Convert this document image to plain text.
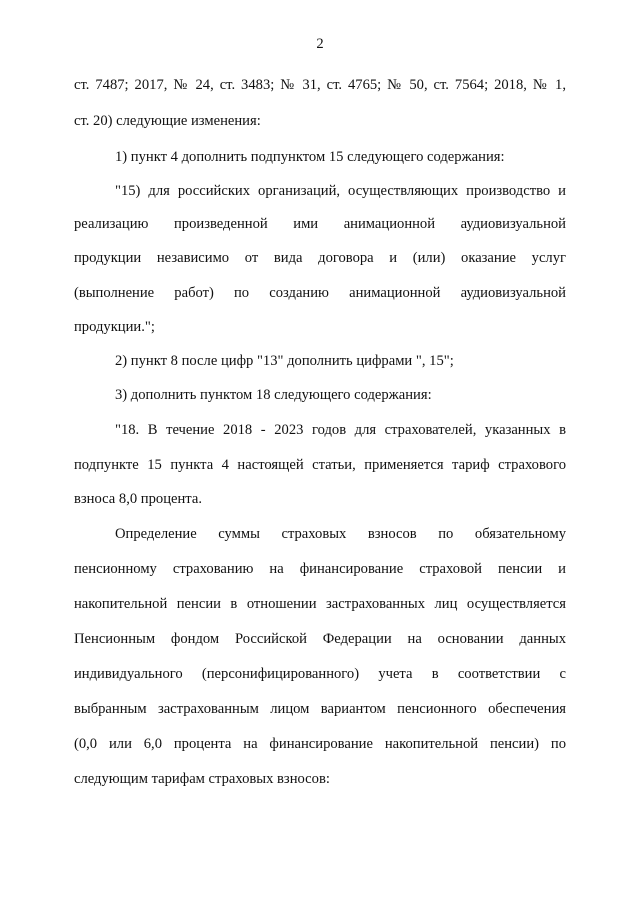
2
ст. 7487; 2017, № 24, ст. 3483; № 31, ст. 4765; № 50, ст. 7564; 2018, № 1,
ст. 20) следующие изменения:
1) пункт 4 дополнить подпунктом 15 следующего содержания:
"15) для российских организаций, осуществляющих производство и
реализацию произведенной ими анимационной аудиовизуальной
продукции независимо от вида договора и (или) оказание услуг
(выполнение работ) по созданию анимационной аудиовизуальной
продукции.";
2) пункт 8 после цифр "13" дополнить цифрами ", 15";
3) дополнить пунктом 18 следующего содержания:
"18. В течение 2018 - 2023 годов для страхователей, указанных в
подпункте 15 пункта 4 настоящей статьи, применяется тариф страхового
взноса 8,0 процента.
Определение суммы страховых взносов по обязательному
пенсионному страхованию на финансирование страховой пенсии и
накопительной пенсии в отношении застрахованных лиц осуществляется
Пенсионным фондом Российской Федерации на основании данных
индивидуального (персонифицированного) учета в соответствии с
выбранным застрахованным лицом вариантом пенсионного обеспечения
(0,0 или 6,0 процента на финансирование накопительной пенсии) по
следующим тарифам страховых взносов:
